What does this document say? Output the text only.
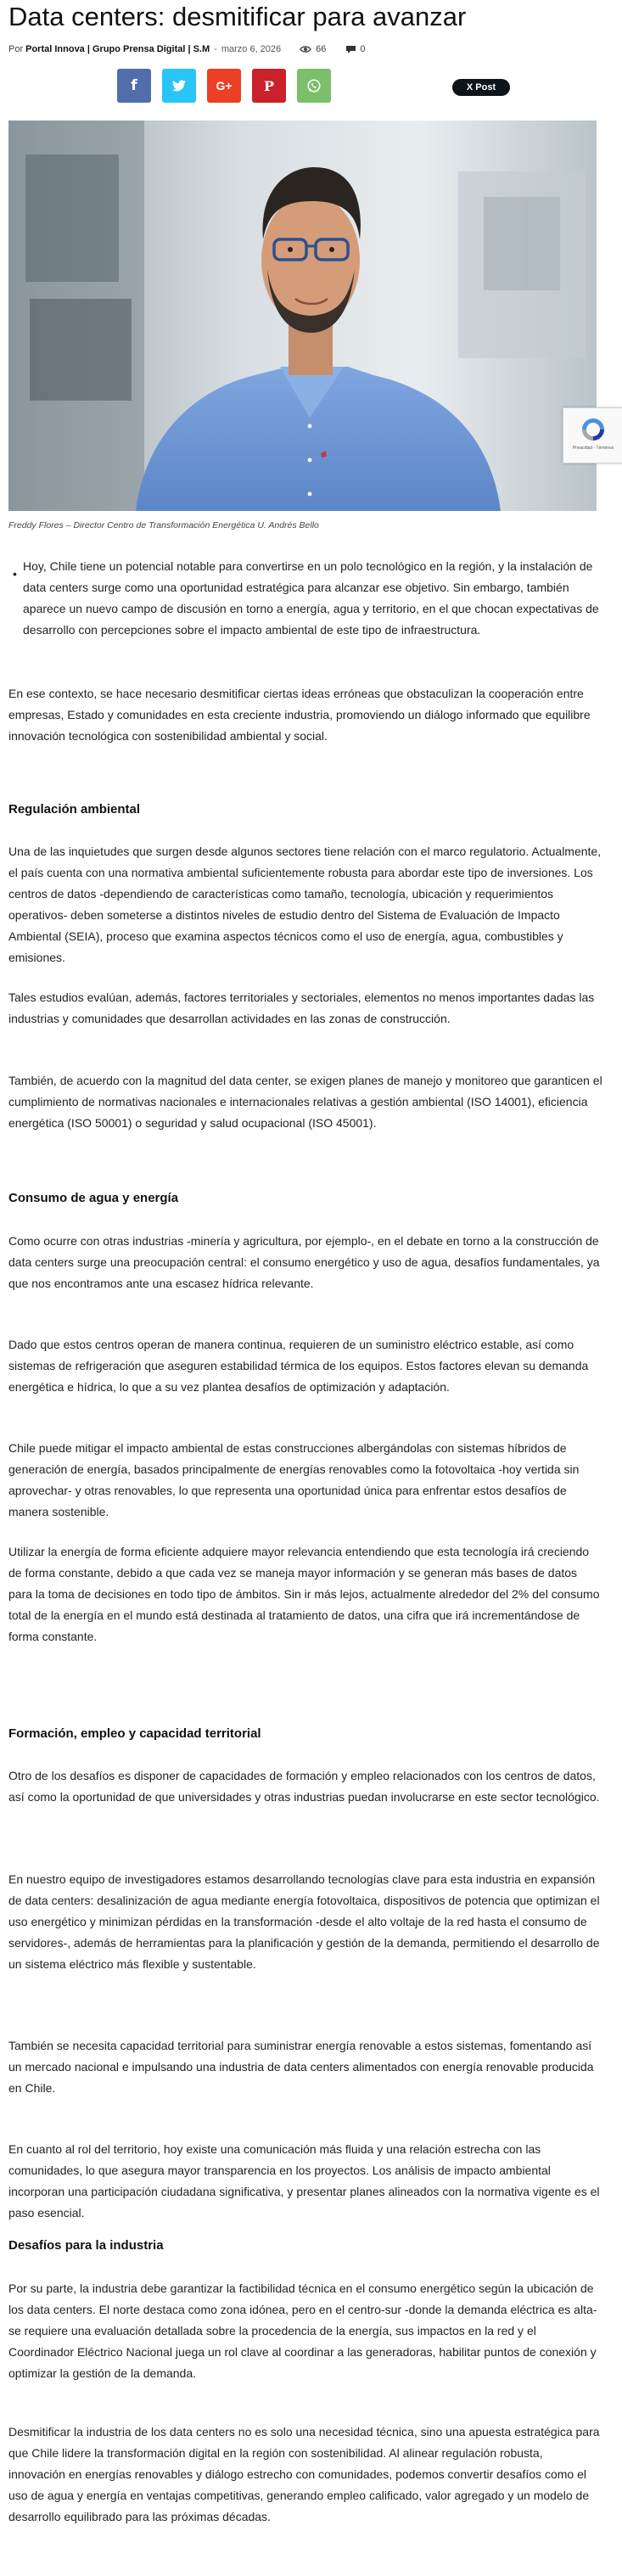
Data centers: desmitificar para avanzar
Por Portal Innova | Grupo Prensa Digital | S.M - marzo 6, 2026	66	0
f	G+ P	X Post
Privacidad - Términos
Freddy Flores – Director Centro de Transformación Energética U. Andrés Bello
•

Hoy, Chile tiene un potencial notable para convertirse en un polo tecnológico en la región, y la instalación de data centers surge como una oportunidad estratégica para alcanzar ese objetivo. Sin embargo, también aparece un nuevo campo de discusión en torno a energía, agua y territorio, en el que chocan expectativas de desarrollo con percepciones sobre el impacto ambiental de este tipo de infraestructura.

En ese contexto, se hace necesario desmitificar ciertas ideas erróneas que obstaculizan la cooperación entre empresas, Estado y comunidades en esta creciente industria, promoviendo un diálogo informado que equilibre innovación tecnológica con sostenibilidad ambiental y social.

Regulación ambiental

Una de las inquietudes que surgen desde algunos sectores tiene relación con el marco regulatorio. Actualmente, el país cuenta con una normativa ambiental suficientemente robusta para abordar este tipo de inversiones. Los centros de datos -dependiendo de características como tamaño, tecnología, ubicación y requerimientos operativos- deben someterse a distintos niveles de estudio dentro del Sistema de Evaluación de Impacto Ambiental (SEIA), proceso que examina aspectos técnicos como el uso de energía, agua, combustibles y emisiones.

Tales estudios evalúan, además, factores territoriales y sectoriales, elementos no menos importantes dadas las industrias y comunidades que desarrollan actividades en las zonas de construcción.

También, de acuerdo con la magnitud del data center, se exigen planes de manejo y monitoreo que garanticen el cumplimiento de normativas nacionales e internacionales relativas a gestión ambiental (ISO 14001), eficiencia energética (ISO 50001) o seguridad y salud ocupacional (ISO 45001).

Consumo de agua y energía

Como ocurre con otras industrias -minería y agricultura, por ejemplo-, en el debate en torno a la construcción de data centers surge una preocupación central: el consumo energético y uso de agua, desafíos fundamentales, ya que nos encontramos ante una escasez hídrica relevante.

Dado que estos centros operan de manera continua, requieren de un suministro eléctrico estable, así como sistemas de refrigeración que aseguren estabilidad térmica de los equipos. Estos factores elevan su demanda energética e hídrica, lo que a su vez plantea desafíos de optimización y adaptación.

Chile puede mitigar el impacto ambiental de estas construcciones albergándolas con sistemas híbridos de generación de energía, basados principalmente de energías renovables como la fotovoltaica -hoy vertida sin aprovechar- y otras renovables, lo que representa una oportunidad única para enfrentar estos desafíos de manera sostenible.

Utilizar la energía de forma eficiente adquiere mayor relevancia entendiendo que esta tecnología irá creciendo de forma constante, debido a que cada vez se maneja mayor información y se generan más bases de datos para la toma de decisiones en todo tipo de ámbitos. Sin ir más lejos, actualmente alrededor del 2% del consumo total de la energía en el mundo está destinada al tratamiento de datos, una cifra que irá incrementándose de forma constante.

Formación, empleo y capacidad territorial

Otro de los desafíos es disponer de capacidades de formación y empleo relacionados con los centros de datos, así como la oportunidad de que universidades y otras industrias puedan involucrarse en este sector tecnológico.

En nuestro equipo de investigadores estamos desarrollando tecnologías clave para esta industria en expansión de data centers: desalinización de agua mediante energía fotovoltaica, dispositivos de potencia que optimizan el uso energético y minimizan pérdidas en la transformación -desde el alto voltaje de la red hasta el consumo de servidores-, además de herramientas para la planificación y gestión de la demanda, permitiendo el desarrollo de un sistema eléctrico más flexible y sustentable.

También se necesita capacidad territorial para suministrar energía renovable a estos sistemas, fomentando así un mercado nacional e impulsando una industria de data centers alimentados con energía renovable producida en Chile.

En cuanto al rol del territorio, hoy existe una comunicación más fluida y una relación estrecha con las comunidades, lo que asegura mayor transparencia en los proyectos. Los análisis de impacto ambiental incorporan una participación ciudadana significativa, y presentar planes alineados con la normativa vigente es el paso esencial.

Desafíos para la industria

Por su parte, la industria debe garantizar la factibilidad técnica en el consumo energético según la ubicación de los data centers. El norte destaca como zona idónea, pero en el centro-sur -donde la demanda eléctrica es alta- se requiere una evaluación detallada sobre la procedencia de la energía, sus impactos en la red y el Coordinador Eléctrico Nacional juega un rol clave al coordinar a las generadoras, habilitar puntos de conexión y optimizar la gestión de la demanda.

Desmitificar la industria de los data centers no es solo una necesidad técnica, sino una apuesta estratégica para que Chile lidere la transformación digital en la región con sostenibilidad. Al alinear regulación robusta, innovación en energías renovables y diálogo estrecho con comunidades, podemos convertir desafíos como el uso de agua y energía en ventajas competitivas, generando empleo calificado, valor agregado y un modelo de desarrollo equilibrado para las próximas décadas.
